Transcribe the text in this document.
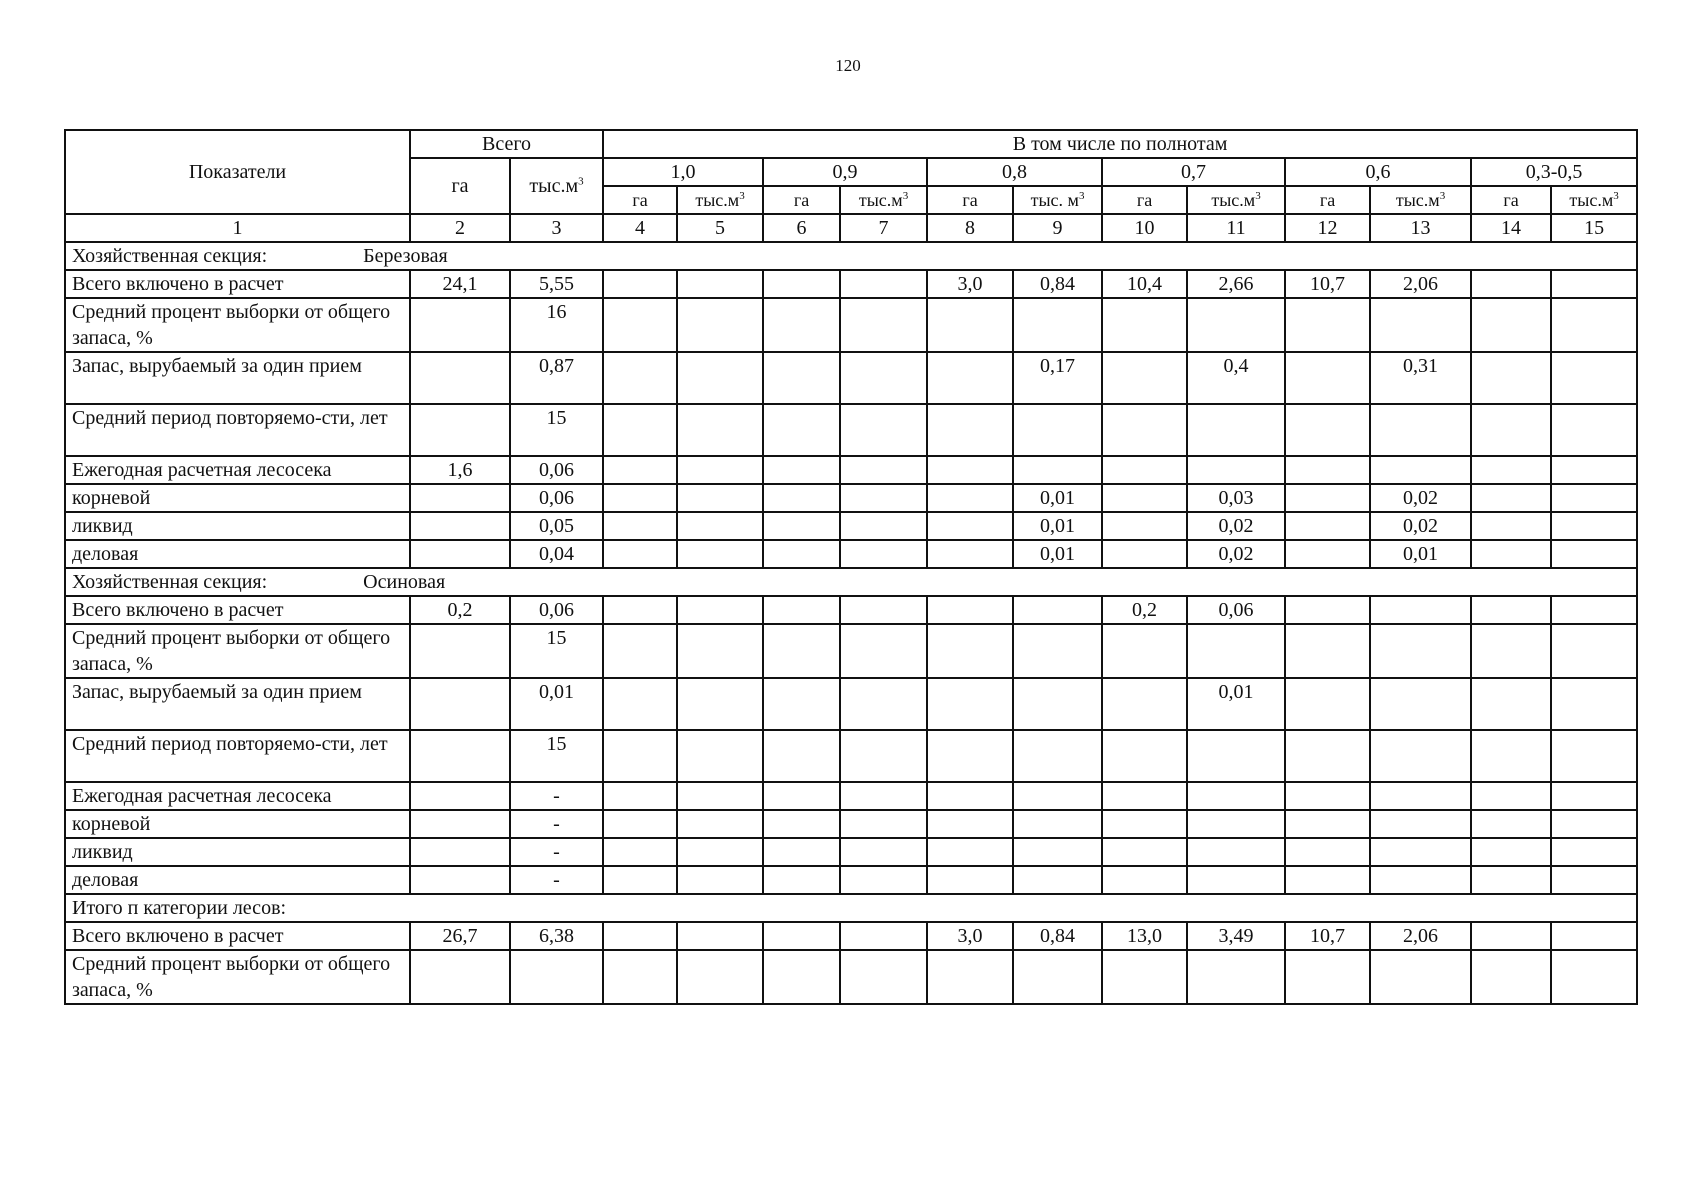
120
Показатели	Всего		В том числе по полнотам											
	га	$тыс.м^3$	1,0		0,9		0,8		0,7		0,6		0,3-0,5	
			га	$тыс.м^3$	га	$тыс.м^3$	га	тыс. $м^3$	га	$тыс.м^3$	га	$тыс.м^3$	га	$тыс.м^3$
1	2	3	4	5	6	7	8	9	10	11	12	13	14	15
Хозяйственная секция: Березовая														
Всего включено в расчет	24,1	5,55					3,0	0,84	10,4	2,66	10,7	2,06		
Средний процент выборки от общего запаса, %		16												
Запас, вырубаемый за один прием		0,87						0,17		0,4		0,31		
Средний период повторяемо-сти, лет		15												
Ежегодная расчетная лесосека	1,6	0,06												
корневой		0,06						0,01		0,03		0,02		
ликвид		0,05						0,01		0,02		0,02		
деловая		0,04						0,01		0,02		0,01		
Хозяйственная секция: Осиновая														
Всего включено в расчет	0,2	0,06							0,2	0,06				
Средний процент выборки от общего запаса, %		15												
Запас, вырубаемый за один прием		0,01								0,01				
Средний период повторяемо-сти, лет		15												
Ежегодная расчетная лесосека		-												
корневой		-												
ликвид		-												
деловая		-												
Итого п категории лесов:														
Всего включено в расчет	26,7	6,38					3,0	0,84	13,0	3,49	10,7	2,06		
Средний процент выборки от общего запаса, %														
